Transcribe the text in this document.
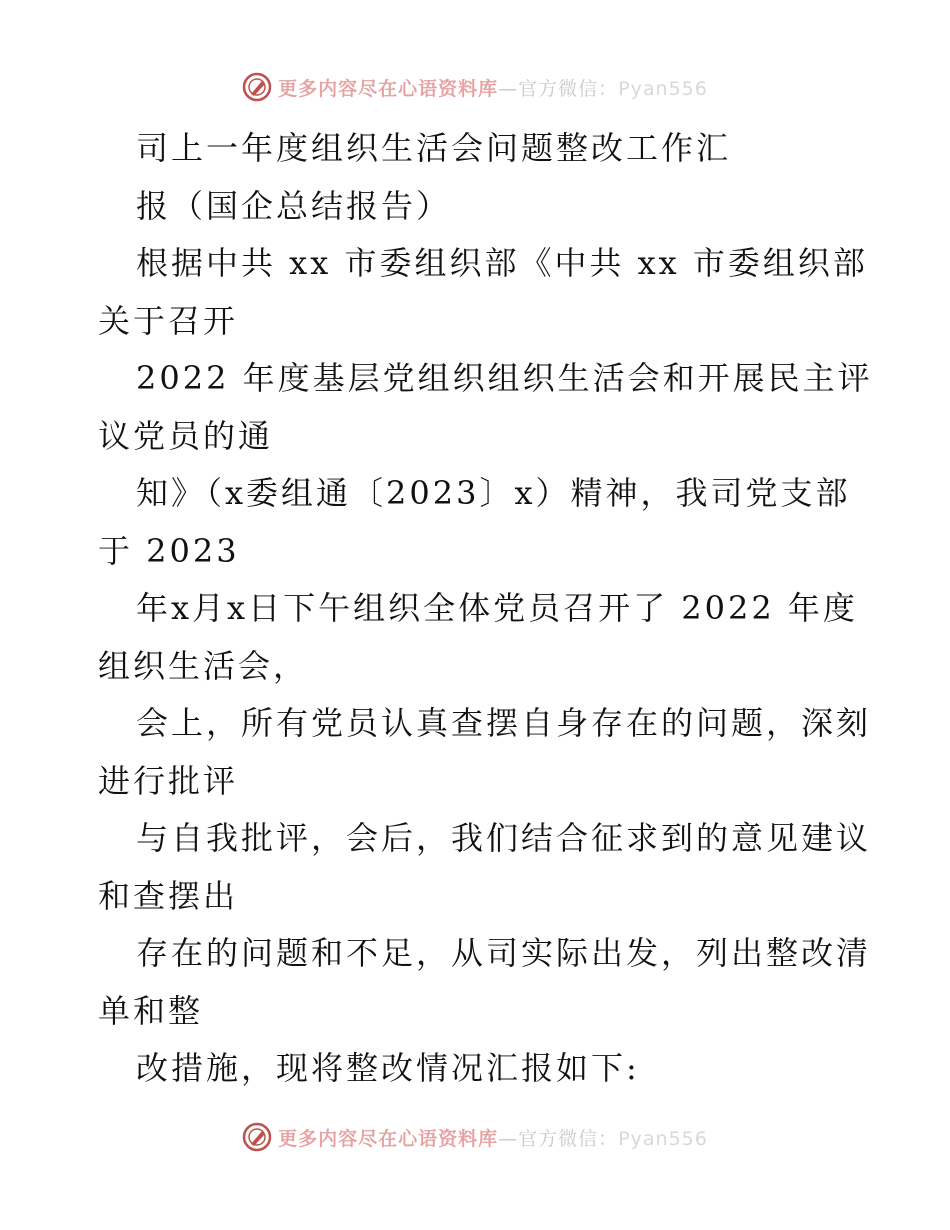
更多内容尽在心语资料库—官方微信：Pyan556
司上一年度组织生活会问题整改工作汇
报（国企总结报告）
根据中共 xx 市委组织部《中共 xx 市委组织部
关于召开
2022 年度基层党组织组织生活会和开展民主评
议党员的通
知》（x委组通〔2023〕x）精神，我司党支部
于 2023
年x月x日下午组织全体党员召开了 2022 年度
组织生活会，
会上，所有党员认真查摆自身存在的问题，深刻
进行批评
与自我批评，会后，我们结合征求到的意见建议
和查摆出
存在的问题和不足，从司实际出发，列出整改清
单和整
改措施，现将整改情况汇报如下:
更多内容尽在心语资料库—官方微信：Pyan556
